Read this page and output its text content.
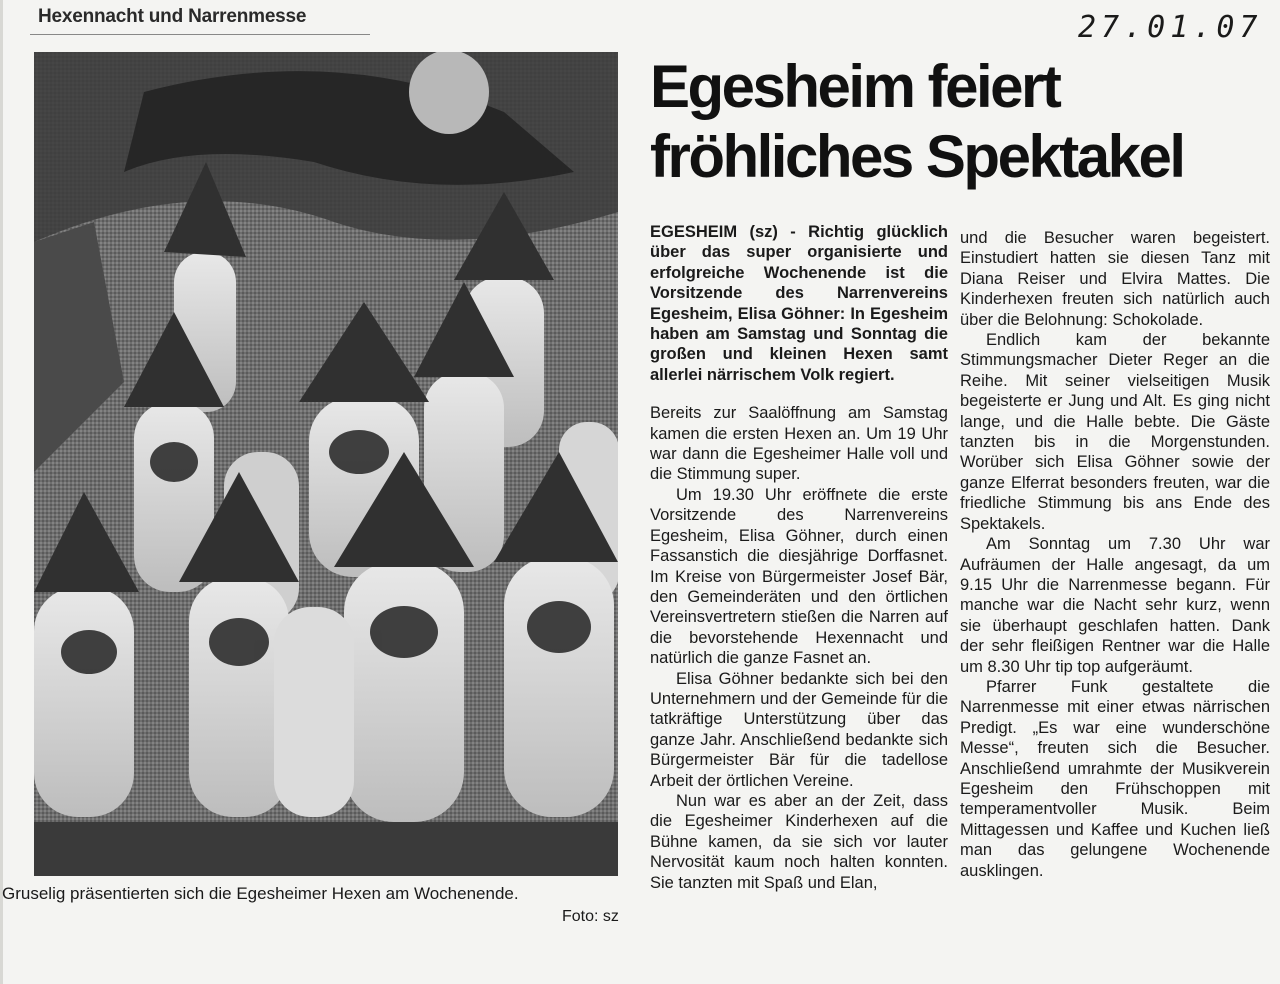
Hexennacht und Narrenmesse	27.01.07
Gruselig präsentierten sich die Egesheimer Hexen am Wochenende.
Foto: sz
Egesheim feiert
fröhliches Spektakel

EGESHEIM (sz) - Richtig glücklich über das super organisierte und erfolgreiche Wochenende ist die Vorsitzende des Narrenvereins Egesheim, Elisa Göhner: In Egesheim haben am Samstag und Sonntag die großen und kleinen Hexen samt allerlei närrischem Volk regiert.

Bereits zur Saalöffnung am Samstag kamen die ersten Hexen an. Um 19 Uhr war dann die Egesheimer Halle voll und die Stimmung super.

Um 19.30 Uhr eröffnete die erste Vorsitzende des Narrenvereins Egesheim, Elisa Göhner, durch einen Fassanstich die diesjährige Dorffasnet. Im Kreise von Bürgermeister Josef Bär, den Gemeinderäten und den örtlichen Vereinsvertretern stießen die Narren auf die bevorstehende Hexennacht und natürlich die ganze Fasnet an.

Elisa Göhner bedankte sich bei den Unternehmern und der Gemeinde für die tatkräftige Unterstützung über das ganze Jahr. Anschließend bedankte sich Bürgermeister Bär für die tadellose Arbeit der örtlichen Vereine.

Nun war es aber an der Zeit, dass die Egesheimer Kinderhexen auf die Bühne kamen, da sie sich vor lauter Nervosität kaum noch halten konnten. Sie tanzten mit Spaß und Elan,

und die Besucher waren begeistert. Einstudiert hatten sie diesen Tanz mit Diana Reiser und Elvira Mattes. Die Kinderhexen freuten sich natürlich auch über die Belohnung: Schokolade.

Endlich kam der bekannte Stimmungsmacher Dieter Reger an die Reihe. Mit seiner vielseitigen Musik begeisterte er Jung und Alt. Es ging nicht lange, und die Halle bebte. Die Gäste tanzten bis in die Morgenstunden. Worüber sich Elisa Göhner sowie der ganze Elferrat besonders freuten, war die friedliche Stimmung bis ans Ende des Spektakels.

Am Sonntag um 7.30 Uhr war Aufräumen der Halle angesagt, da um 9.15 Uhr die Narrenmesse begann. Für manche war die Nacht sehr kurz, wenn sie überhaupt geschlafen hatten. Dank der sehr fleißigen Rentner war die Halle um 8.30 Uhr tip top aufgeräumt.

Pfarrer Funk gestaltete die Narrenmesse mit einer etwas närrischen Predigt. „Es war eine wunderschöne Messe“, freuten sich die Besucher. Anschließend umrahmte der Musikverein Egesheim den Frühschoppen mit temperamentvoller Musik. Beim Mittagessen und Kaffee und Kuchen ließ man das gelungene Wochenende ausklingen.
